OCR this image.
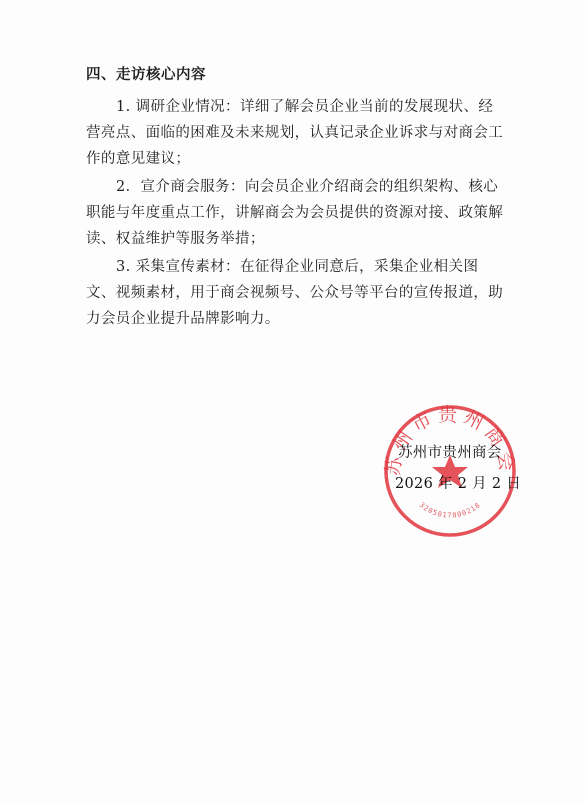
四、走访核心内容
1. 调研企业情况：详细了解会员企业当前的发展现状、经营亮点、面临的困难及未来规划，认真记录企业诉求与对商会工作的意见建议；
2．宣介商会服务：向会员企业介绍商会的组织架构、核心职能与年度重点工作，讲解商会为会员提供的资源对接、政策解读、权益维护等服务举措；
3. 采集宣传素材：在征得企业同意后，采集企业相关图文、视频素材，用于商会视频号、公众号等平台的宣传报道，助力会员企业提升品牌影响力。
苏州市贵州商会
3205017000218
苏州市贵州商会
2026 年 2 月 2 日
